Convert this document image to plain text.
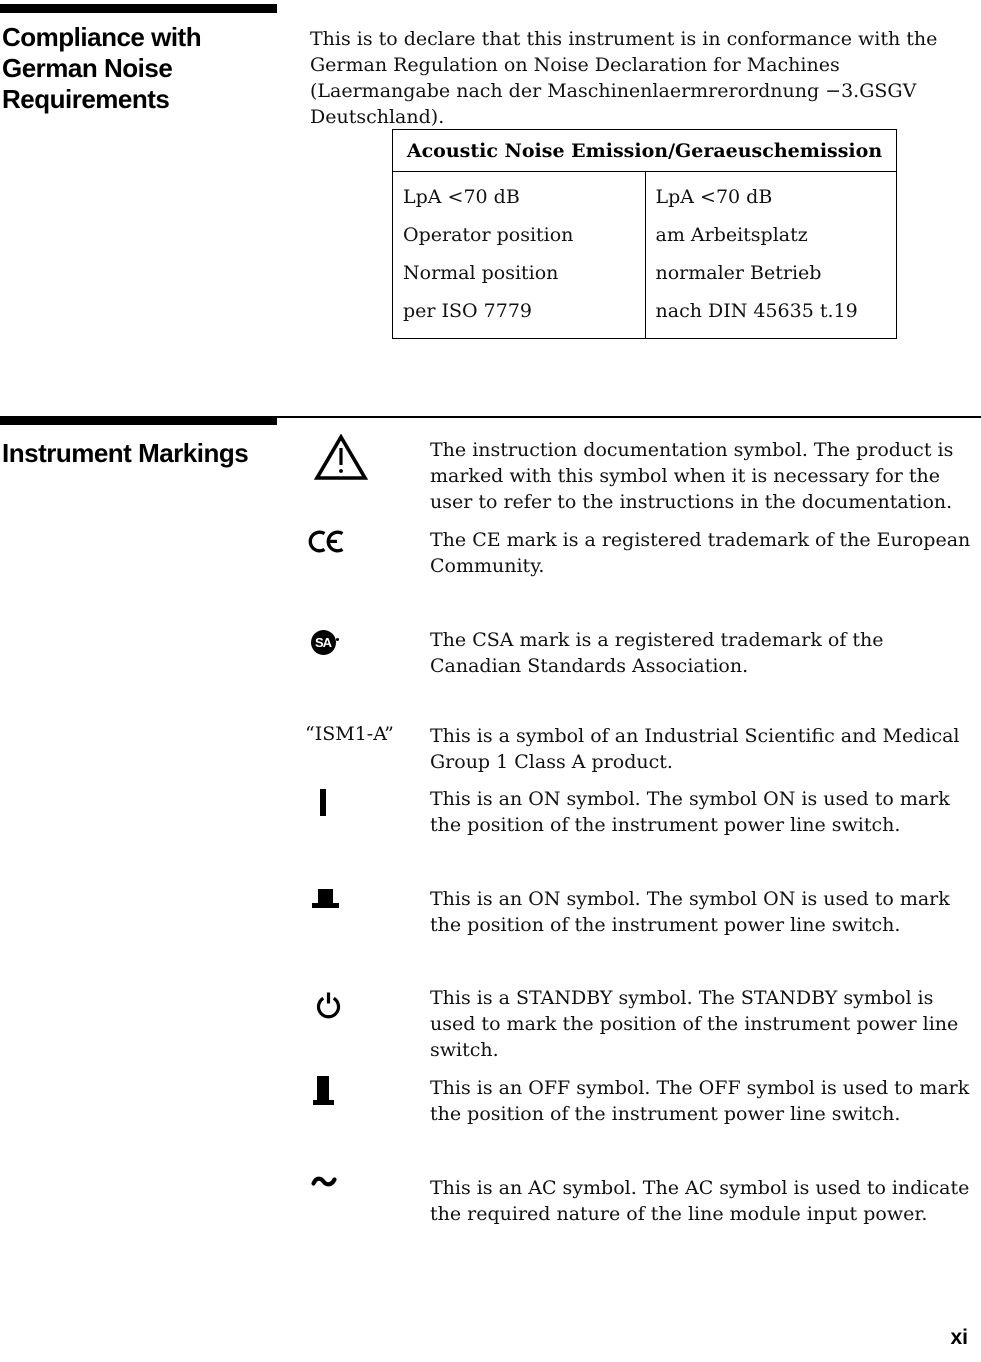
Compliance with German Noise Requirements
This is to declare that this instrument is in conformance with the German Regulation on Noise Declaration for Machines (Laermangabe nach der Maschinenlaermrerordnung −3.GSGV Deutschland).
Acoustic Noise Emission/Geraeuschemission
LpA <70 dB
Operator position
Normal position
per ISO 7779
LpA <70 dB
am Arbeitsplatz
normaler Betrieb
nach DIN 45635 t.19
Instrument Markings	The instruction documentation symbol. The product is marked with this symbol when it is necessary for the user to refer to the instructions in the documentation.
The CE mark is a registered trademark of the European Community.
SA	The CSA mark is a registered trademark of the Canadian Standards Association.
“ISM1-A” This is a symbol of an Industrial Scientific and Medical Group 1 Class A product.
This is an ON symbol. The symbol ON is used to mark the position of the instrument power line switch.
This is an ON symbol. The symbol ON is used to mark the position of the instrument power line switch.
This is a STANDBY symbol. The STANDBY symbol is used to mark the position of the instrument power line switch.
This is an OFF symbol. The OFF symbol is used to mark the position of the instrument power line switch.
This is an AC symbol. The AC symbol is used to indicate the required nature of the line module input power.
xi
